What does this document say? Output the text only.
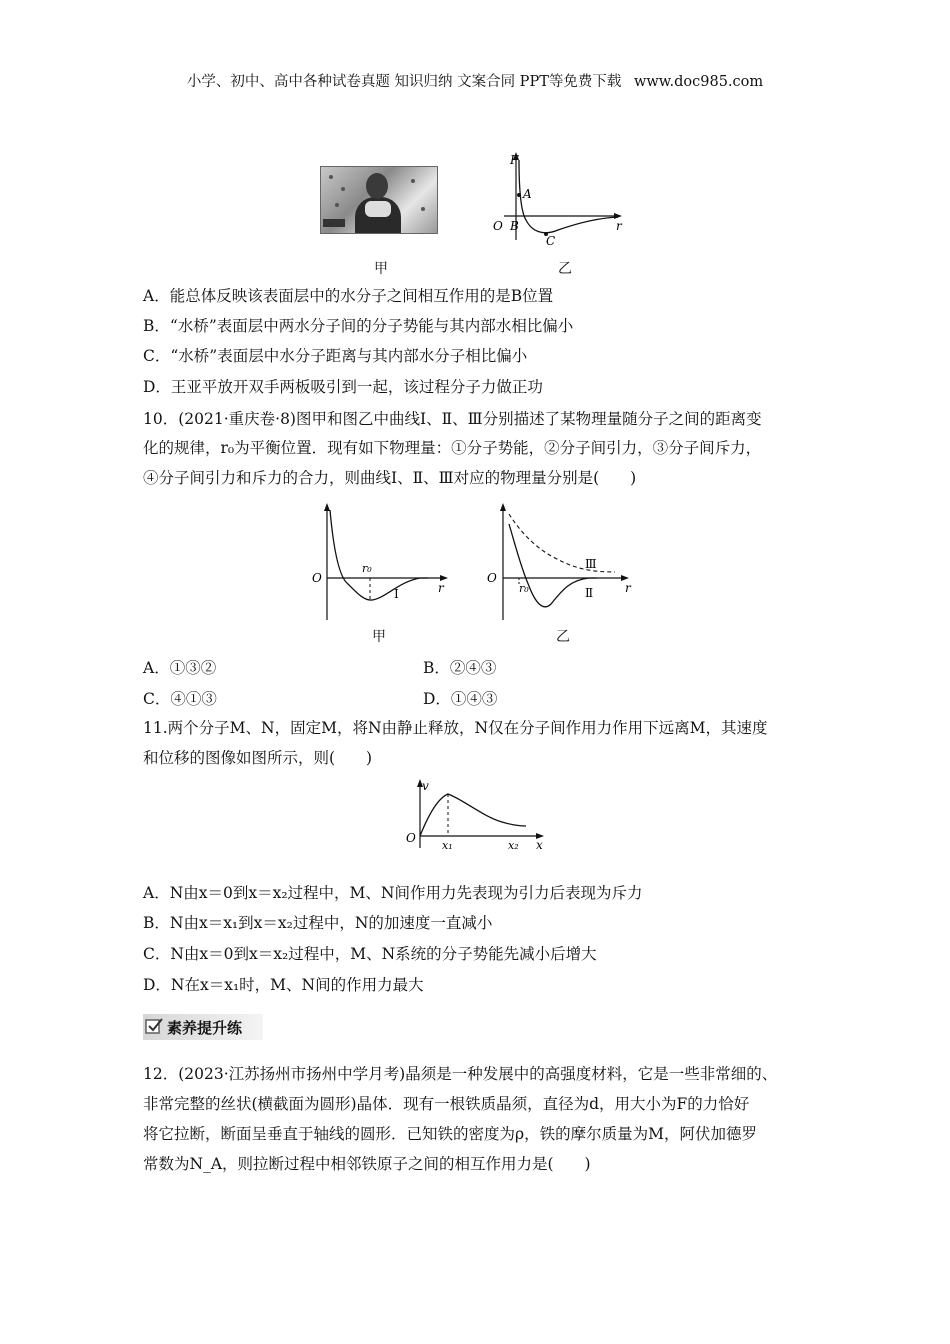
小学、初中、高中各种试卷真题 知识归纳 文案合同 PPT等免费下载 www.doc985.com
甲
F
A
O B
C
r
乙
A．能总体反映该表面层中的水分子之间相互作用的是B位置
B．“水桥”表面层中两水分子间的分子势能与其内部水相比偏小
C．“水桥”表面层中水分子距离与其内部水分子相比偏小
D．王亚平放开双手两板吸引到一起，该过程分子力做正功
10．(2021·重庆卷·8)图甲和图乙中曲线Ⅰ、Ⅱ、Ⅲ分别描述了某物理量随分子之间的距离变
化的规律，r₀为平衡位置．现有如下物理量：①分子势能，②分子间引力，③分子间斥力，
④分子间引力和斥力的合力，则曲线Ⅰ、Ⅱ、Ⅲ对应的物理量分别是(　　)
O
r₀
Ⅰ	r
甲
O
r₀
Ⅲ
Ⅱ	r
乙
A．①③②	B．②④③
C．④①③	D．①④③
11.两个分子M、N，固定M，将N由静止释放，N仅在分子间作用力作用下远离M，其速度
和位移的图像如图所示，则(　　)
v
O
x₁	x₂ x
A．N由x＝0到x＝x₂过程中，M、N间作用力先表现为引力后表现为斥力
B．N由x＝x₁到x＝x₂过程中，N的加速度一直减小
C．N由x＝0到x＝x₂过程中，M、N系统的分子势能先减小后增大
D．N在x＝x₁时，M、N间的作用力最大
素养提升练
12．(2023·江苏扬州市扬州中学月考)晶须是一种发展中的高强度材料，它是一些非常细的、
非常完整的丝状(横截面为圆形)晶体．现有一根铁质晶须，直径为d，用大小为F的力恰好
将它拉断，断面呈垂直于轴线的圆形．已知铁的密度为ρ，铁的摩尔质量为M，阿伏加德罗
常数为N_A，则拉断过程中相邻铁原子之间的相互作用力是(　　)
